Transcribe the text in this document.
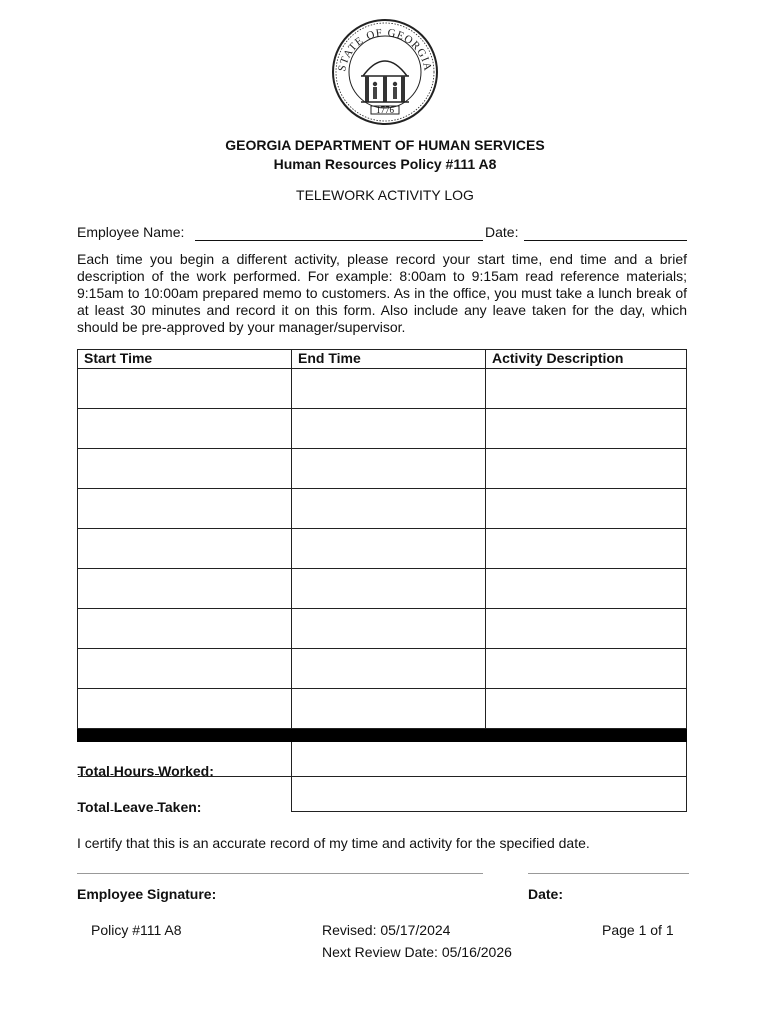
STATE OF GEORGIA
1776
GEORGIA DEPARTMENT OF HUMAN SERVICES
Human Resources Policy #111 A8
TELEWORK ACTIVITY LOG
Employee Name:	Date:
Each time you begin a different activity, please record your start time, end time and a brief description of the work performed. For example: 8:00am to 9:15am read reference materials; 9:15am to 10:00am prepared memo to customers. As in the office, you must take a lunch break of at least 30 minutes and record it on this form. Also include any leave taken for the day, which should be pre-approved by your manager/supervisor.
Start Time	End Time	Activity Description

Total Hours Worked:		
Total Leave Taken:		
I certify that this is an accurate record of my time and activity for the specified date.
Employee Signature:	Date:
Policy #111 A8	Revised: 05/17/2024
Next Review Date: 05/16/2026
Page 1 of 1
